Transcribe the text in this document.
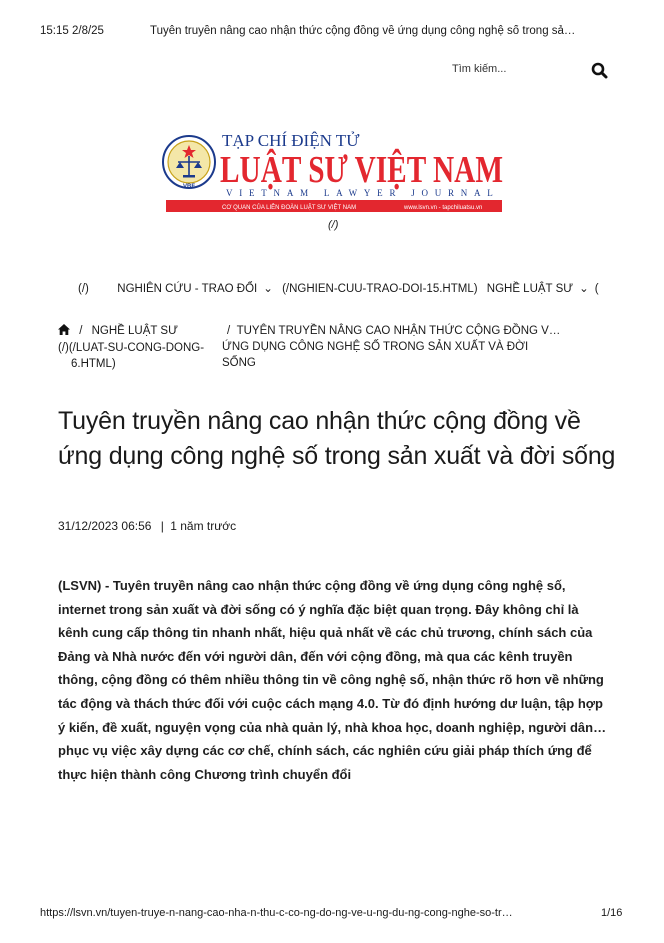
15:15 2/8/25	Tuyên truyền nâng cao nhận thức cộng đồng về ứng dụng công nghệ số trong sả…
Tìm kiếm...
VBF
TẠP CHÍ ĐIỆN TỬ
LUẬT SƯ VIỆT NAM
VIETNAM LAWYER JOURNAL
CƠ QUAN CỦA LIÊN ĐOÀN LUẬT SƯ VIỆT NAM	www.lsvn.vn - tapchiluatsu.vn
(/)
(/) NGHIÊN CỨU - TRAO ĐỔI ⌄ (/NGHIEN-CUU-TRAO-DOI-15.HTML) NGHỀ LUẬT SƯ ⌄ (
/ NGHỀ LUẬT SƯ
(/)(/LUAT-SU-CONG-DONG-
6.HTML)
/ TUYÊN TRUYỀN NÂNG CAO NHẬN THỨC CỘNG ĐỒNG V…
ỨNG DỤNG CÔNG NGHỆ SỐ TRONG SẢN XUẤT VÀ ĐỜI
SỐNG
Tuyên truyền nâng cao nhận thức cộng đồng về ứng dụng công nghệ số trong sản xuất và đời sống
31/12/2023 06:56 | 1 năm trước
(LSVN) - Tuyên truyền nâng cao nhận thức cộng đồng về ứng dụng công nghệ số, internet trong sản xuất và đời sống có ý nghĩa đặc biệt quan trọng. Đây không chỉ là kênh cung cấp thông tin nhanh nhất, hiệu quả nhất về các chủ trương, chính sách của Đảng và Nhà nước đến với người dân, đến với cộng đồng, mà qua các kênh truyền thông, cộng đồng có thêm nhiều thông tin về công nghệ số, nhận thức rõ hơn về những tác động và thách thức đối với cuộc cách mạng 4.0. Từ đó định hướng dư luận, tập hợp ý kiến, đề xuất, nguyện vọng của nhà quản lý, nhà khoa học, doanh nghiệp, người dân… phục vụ việc xây dựng các cơ chế, chính sách, các nghiên cứu giải pháp thích ứng để thực hiện thành công Chương trình chuyển đổi
https://lsvn.vn/tuyen-truye-n-nang-cao-nha-n-thu-c-co-ng-do-ng-ve-u-ng-du-ng-cong-nghe-so-tr…	1/16
